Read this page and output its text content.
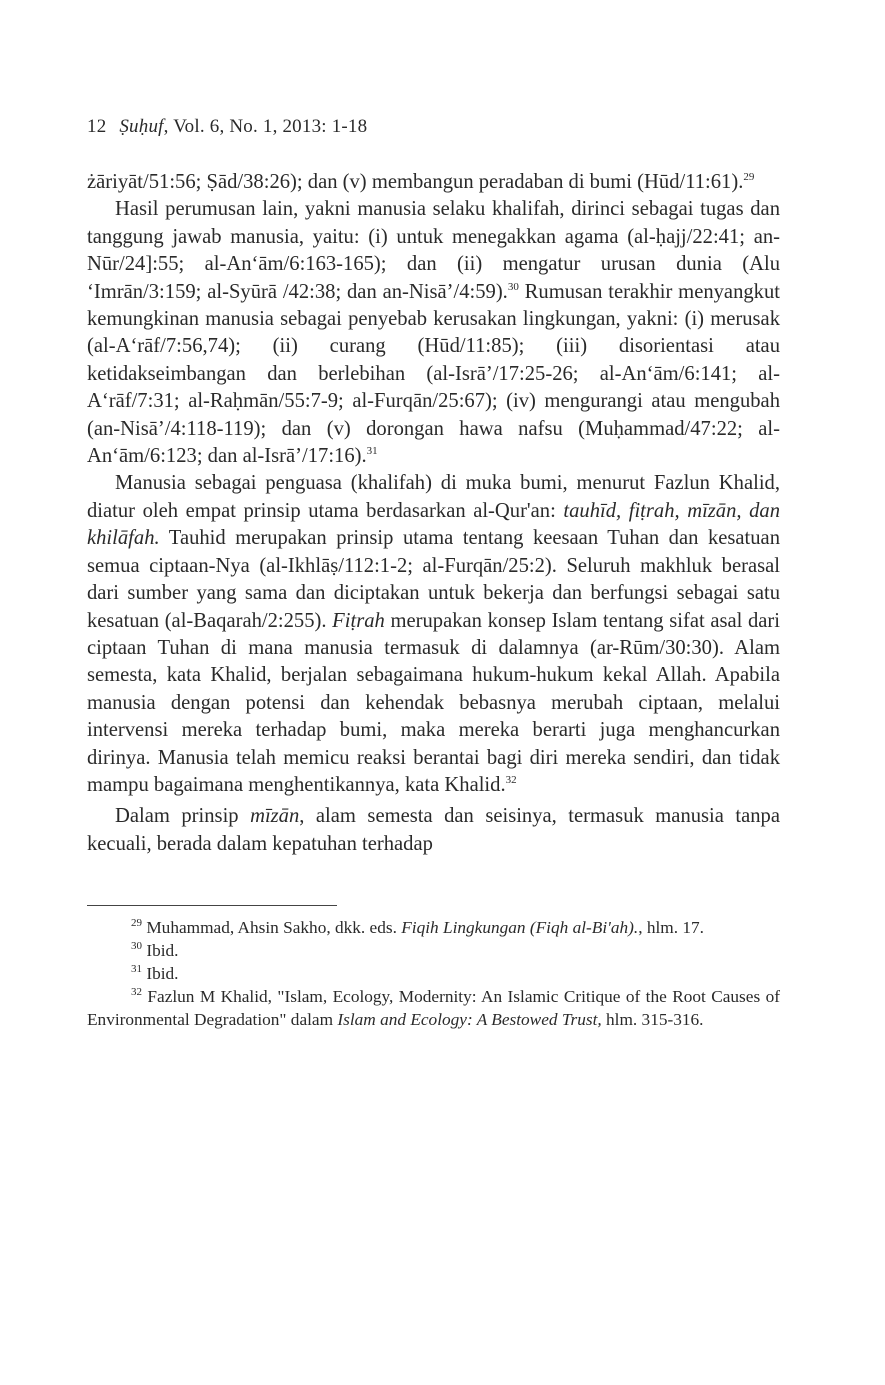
12 Ṣuḥuf, Vol. 6, No. 1, 2013: 1-18

żāriyāt/51:56; Ṣād/38:26); dan (v) membangun peradaban di bumi (Hūd/11:61).$^{29}$

Hasil perumusan lain, yakni manusia selaku khalifah, dirinci sebagai tugas dan tanggung jawab manusia, yaitu: (i) untuk menegakkan agama (al-ḥajj/22:41; an-Nūr/24]:55; al-An‘ām/6:163-165); dan (ii) mengatur urusan dunia (Alu ‘Imrān/3:159; al-Syūrā /42:38; dan an-Nisā’/4:59).$^{30}$ Rumusan terakhir menyangkut kemungkinan manusia sebagai penyebab kerusakan lingkungan, yakni: (i) merusak (al-A‘rāf/7:56,74); (ii) curang (Hūd/11:85); (iii) disorientasi atau ketidakseimbangan dan berlebihan (al-Isrā’/17:25-26; al-An‘ām/6:141; al-A‘rāf/7:31; al-Raḥmān/55:7-9; al-Furqān/25:67); (iv) mengurangi atau mengubah (an-Nisā’/4:118-119); dan (v) dorongan hawa nafsu (Muḥammad/47:22; al-An‘ām/6:123; dan al-Isrā’/17:16).$^{31}$

Manusia sebagai penguasa (khalifah) di muka bumi, menurut Fazlun Khalid, diatur oleh empat prinsip utama berdasarkan al-Qur'an: tauhīd, fiṭrah, mīzān, dan khilāfah. Tauhid merupakan prinsip utama tentang keesaan Tuhan dan kesatuan semua ciptaan-Nya (al-Ikhlāṣ/112:1-2; al-Furqān/25:2). Seluruh makhluk berasal dari sumber yang sama dan diciptakan untuk bekerja dan berfungsi sebagai satu kesatuan (al-Baqarah/2:255). Fiṭrah merupakan konsep Islam tentang sifat asal dari ciptaan Tuhan di mana manusia termasuk di dalamnya (ar-Rūm/30:30). Alam semesta, kata Khalid, berjalan sebagaimana hukum-hukum kekal Allah. Apabila manusia dengan potensi dan kehendak bebasnya merubah ciptaan, melalui intervensi mereka terhadap bumi, maka mereka berarti juga menghancurkan dirinya. Manusia telah memicu reaksi berantai bagi diri mereka sendiri, dan tidak mampu bagaimana menghentikannya, kata Khalid.$^{32}$

Dalam prinsip mīzān, alam semesta dan seisinya, termasuk manusia tanpa kecuali, berada dalam kepatuhan terhadap

$^{29}$ Muhammad, Ahsin Sakho, dkk. eds. Fiqih Lingkungan (Fiqh al-Bi'ah)., hlm. 17.

$^{30}$ Ibid.

$^{31}$ Ibid.

$^{32}$ Fazlun M Khalid, "Islam, Ecology, Modernity: An Islamic Critique of the Root Causes of Environmental Degradation" dalam Islam and Ecology: A Bestowed Trust, hlm. 315-316.
